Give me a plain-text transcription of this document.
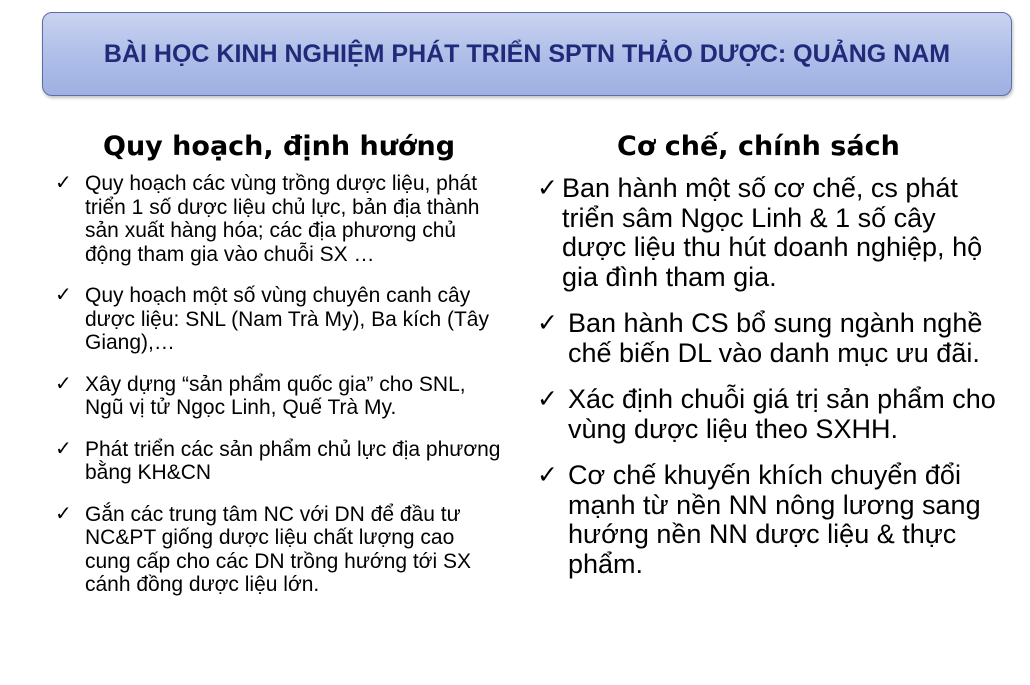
BÀI HỌC KINH NGHIỆM PHÁT TRIỂN SPTN THẢO DƯỢC: QUẢNG NAM
Quy hoạch, định hướng	Cơ chế, chính sách
✓ Quy hoạch các vùng trồng dược liệu, phát triển 1 số dược liệu chủ lực, bản địa thành sản xuất hàng hóa; các địa phương chủ động tham gia vào chuỗi SX …
✓ Quy hoạch một số vùng chuyên canh cây dược liệu: SNL (Nam Trà My), Ba kích (Tây Giang),…
✓ Xây dựng “sản phẩm quốc gia” cho SNL, Ngũ vị tử Ngọc Linh, Quế Trà My.
✓ Phát triển các sản phẩm chủ lực địa phương bằng KH&CN
✓ Gắn các trung tâm NC với DN để đầu tư NC&PT giống dược liệu chất lượng cao cung cấp cho các DN trồng hướng tới SX cánh đồng dược liệu lớn.
✓ Ban hành một số cơ chế, cs phát triển sâm Ngọc Linh & 1 số cây dược liệu thu hút doanh nghiệp, hộ gia đình tham gia.
✓ Ban hành CS bổ sung ngành nghề chế biến DL vào danh mục ưu đãi.
✓ Xác định chuỗi giá trị sản phẩm cho vùng dược liệu theo SXHH.
✓ Cơ chế khuyến khích chuyển đổi mạnh từ nền NN nông lương sang hướng nền NN dược liệu & thực phẩm.
